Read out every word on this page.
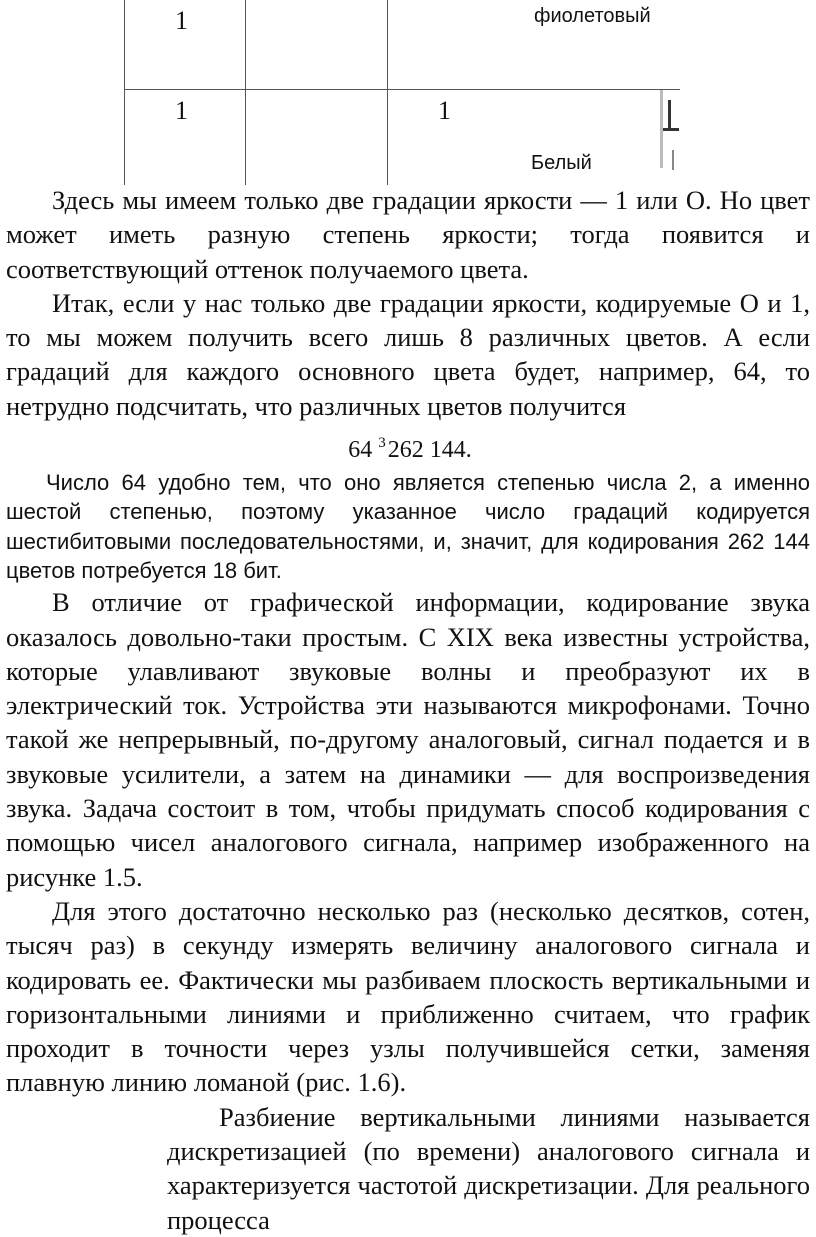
1	фиолетовый
1	1
Белый

Здесь мы имеем только две градации яркости — 1 или О. Но цвет может иметь разную степень яркости; тогда появится и соответствующий оттенок получаемого цвета.

Итак, если у нас только две градации яркости, кодируемые О и 1, то мы можем получить всего лишь 8 различных цветов. А если градаций для каждого основного цвета будет, например, 64, то нетрудно подсчитать, что различных цветов получится

64 $^3$262 144.

Число 64 удобно тем, что оно является степенью числа 2, а именно шестой степенью, поэтому указанное число градаций кодируется шестибитовыми последовательностями, и, значит, для кодирования 262 144 цветов потребуется 18 бит.

В отличие от графической информации, кодирование звука оказалось довольно-таки простым. С XIX века известны устройства, которые улавливают звуковые волны и преобразуют их в электрический ток. Устройства эти называются микрофонами. Точно такой же непрерывный, по-другому аналоговый, сигнал подается и в звуковые усилители, а затем на динамики — для воспроизведения звука. Задача состоит в том, чтобы придумать способ кодирования с помощью чисел аналогового сигнала, например изображенного на рисунке 1.5.

Для этого достаточно несколько раз (несколько десятков, сотен, тысяч раз) в секунду измерять величину аналогового сигнала и кодировать ее. Фактически мы разбиваем плоскость вертикальными и горизонтальными линиями и приближенно считаем, что график проходит в точности через узлы получившейся сетки, заменяя плавную линию ломаной (рис. 1.6).

Разбиение вертикальными линиями называется дискретизацией (по времени) аналогового сигнала и характеризуется частотой дискретизации. Для реального процесса
